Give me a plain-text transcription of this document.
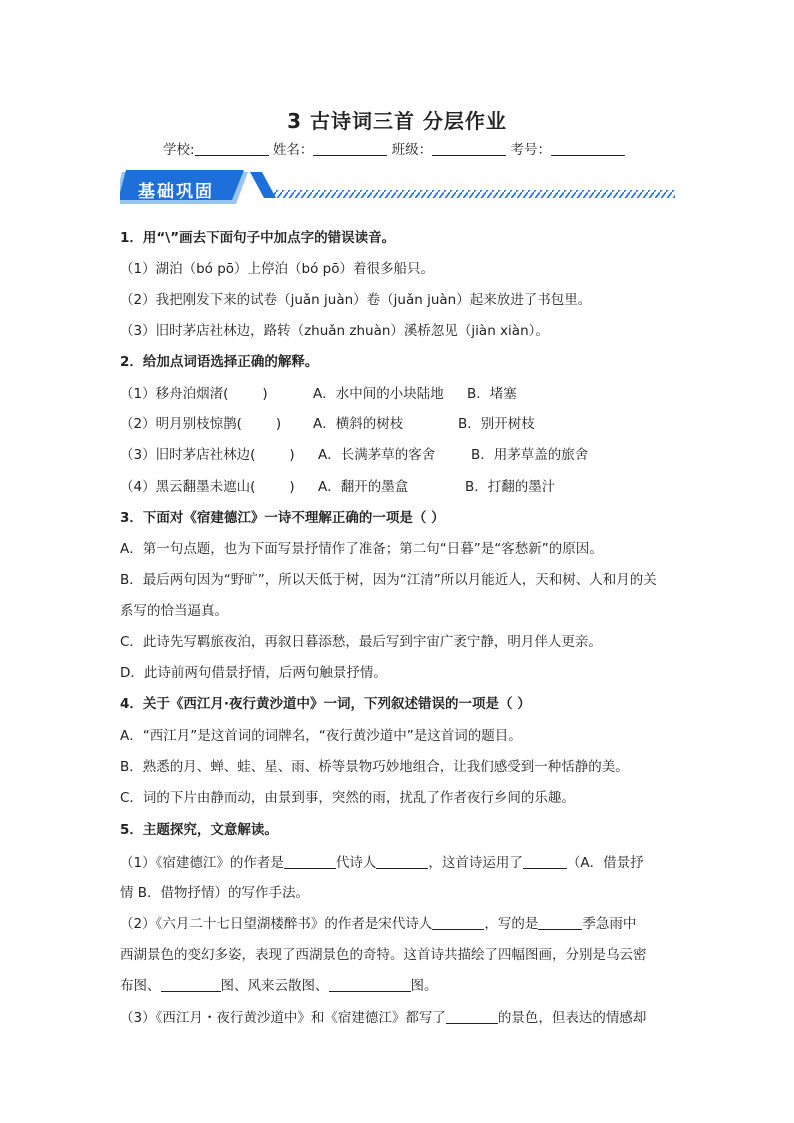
3 古诗词三首 分层作业
学校:	姓名：	班级：	考号：
基础巩固
1．用“\”画去下面句子中加点字的错误读音。
（1）湖泊（bó pō）上停泊（bó pō）着很多船只。
（2）我把刚发下来的试卷（juǎn juàn）卷（juǎn juàn）起来放进了书包里。
（3）旧时茅店社林边，路转（zhuǎn zhuàn）溪桥忽见（jiàn xiàn）。
2．给加点词语选择正确的解释。
（1）移舟泊烟渚(	)	A．水中间的小块陆地 B．堵塞
（2）明月别枝惊鹊(	) A．横斜的树枝	B．别开树枝
（3）旧时茅店社林边(	) A．长满茅草的客舍	B．用茅草盖的旅舍
（4）黑云翻墨未遮山(	) A．翻开的墨盒	B．打翻的墨汁
3．下面对《宿建德江》一诗不理解正确的一项是（ ）
A．第一句点题，也为下面写景抒情作了准备；第二句“日暮”是“客愁新”的原因。
B．最后两句因为“野旷”，所以天低于树，因为“江清”所以月能近人，天和树、人和月的关
系写的恰当逼真。
C．此诗先写羁旅夜泊，再叙日暮添愁，最后写到宇宙广袤宁静，明月伴人更亲。
D．此诗前两句借景抒情，后两句触景抒情。
4．关于《西江月·夜行黄沙道中》一词，下列叙述错误的一项是（ ）
A．“西江月”是这首词的词牌名，“夜行黄沙道中”是这首词的题目。
B．熟悉的月、蝉、蛙、星、雨、桥等景物巧妙地组合，让我们感受到一种恬静的美。
C．词的下片由静而动，由景到事，突然的雨，扰乱了作者夜行乡间的乐趣。
5．主题探究，文意解读。
（1）《宿建德江》的作者是	代诗人	，这首诗运用了	（A．借景抒
情 B．借物抒情）的写作手法。
（2）《六月二十七日望湖楼醉书》的作者是宋代诗人	，写的是	季急雨中
西湖景色的变幻多姿，表现了西湖景色的奇特。这首诗共描绘了四幅图画，分别是乌云密
布图、	图、风来云散图、	图。
（3）《西江月・夜行黄沙道中》和《宿建德江》都写了	的景色，但表达的情感却
